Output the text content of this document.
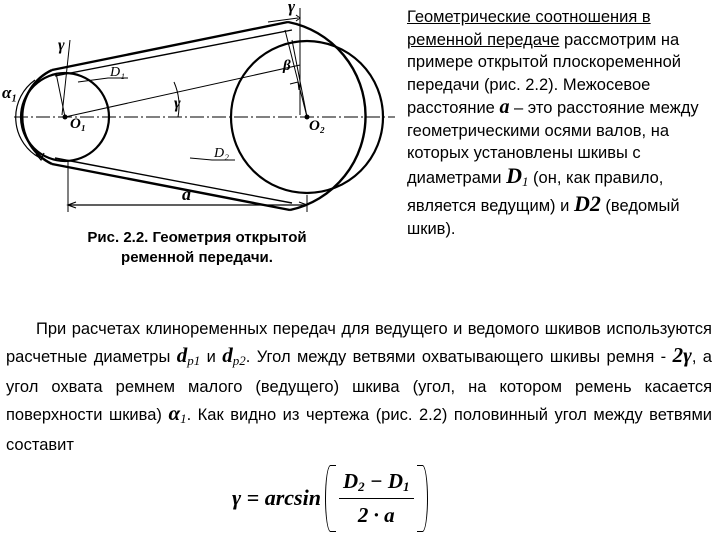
α₁
γ
γ
γ
β
D₁
D₂
O₁	O₂
a
Рис. 2.2. Геометрия открытой ременной передачи.
Геометрические соотношения в ременной передаче рассмотрим на примере открытой плоскоременной передачи (рис. 2.2). Межосевое расстояние a – это расстояние между геометрическими осями валов, на которых установлены шкивы с диаметрами $D_1$ (он, как правило, является ведущим) и D2 (ведомый шкив).
При расчетах клиноременных передач для ведущего и ведомого шкивов используются расчетные диаметры $d_{p1}$ и $d_{p2}$. Угол между ветвями охватывающего шкивы ремня - 2γ, а угол охвата ремнем малого (ведущего) шкива (угол, на котором ремень касается поверхности шкива) $\alpha_1$. Как видно из чертежа (рис. 2.2) половинный угол между ветвями составит
$\gamma = \arcsin \frac{D2 - D1}{2 \cdot a}$
